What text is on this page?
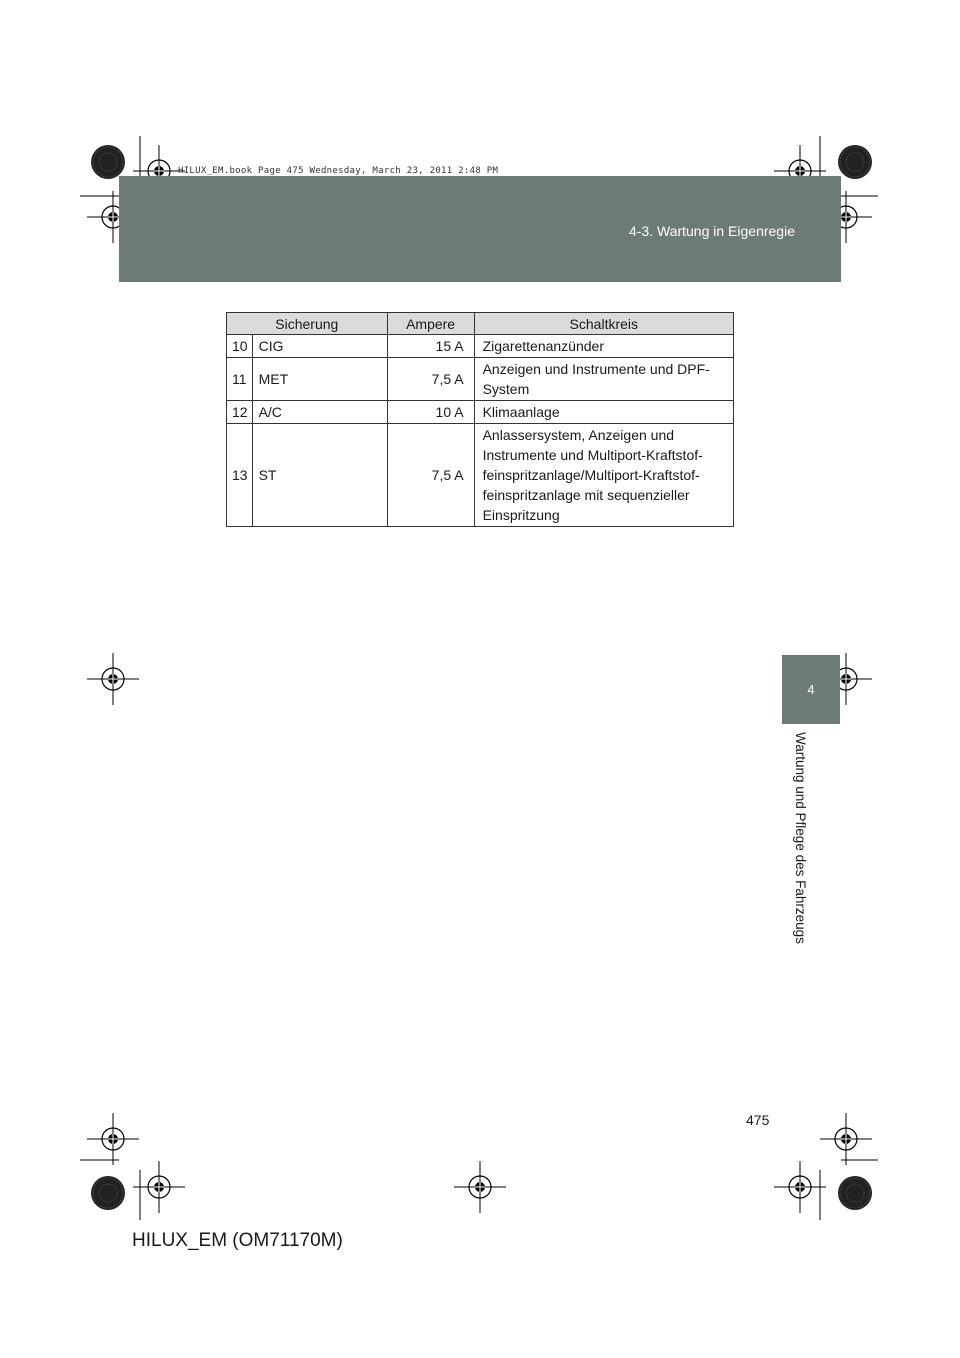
4-3. Wartung in Eigenregie
HILUX_EM.book Page 475 Wednesday, March 23, 2011 2:48 PM
Sicherung		Ampere	Schaltkreis
10	CIG	15 A	Zigarettenanzünder
11	MET	7,5 A	Anzeigen und Instrumente und DPF-System
12	A/C	10 A	Klimaanlage
13	ST	7,5 A	Anlassersystem, Anzeigen und Instrumente und Multiport-Kraftstof-feinspritzanlage/Multiport-Kraftstof-feinspritzanlage mit sequenzieller Einspritzung
4
Wartung und Pflege des Fahrzeugs
475
HILUX_EM (OM71170M)
